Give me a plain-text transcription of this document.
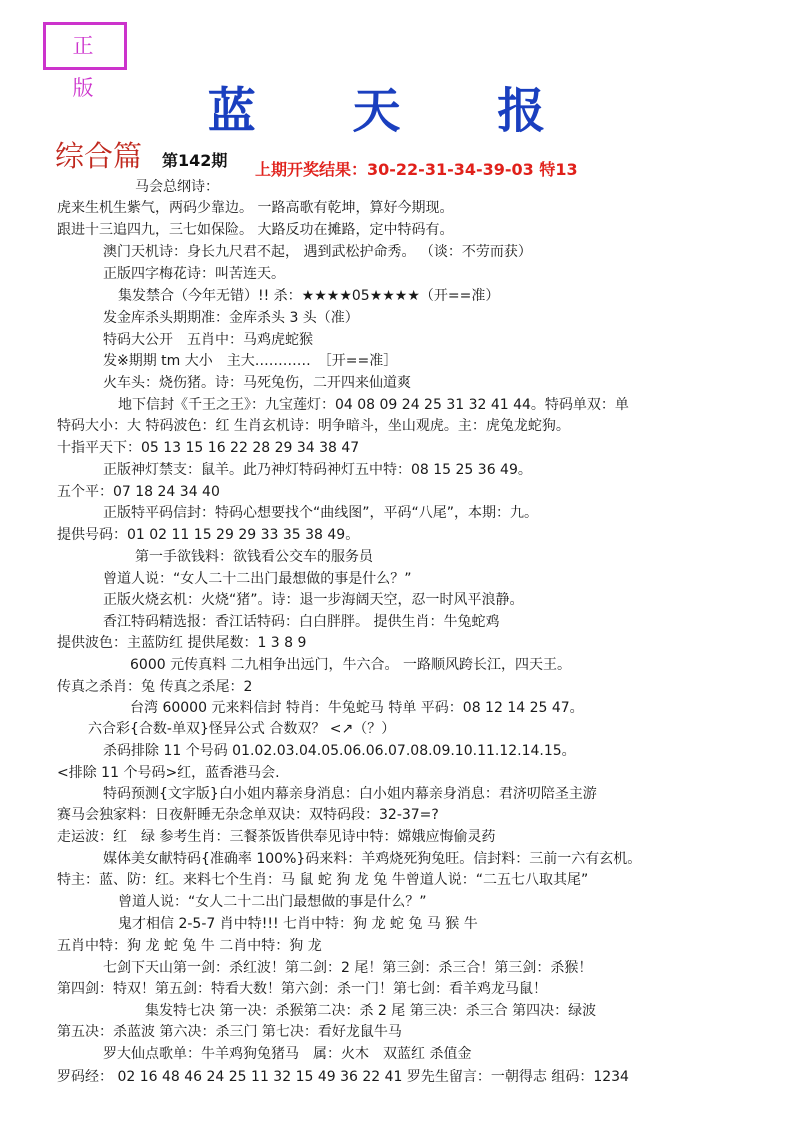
正 版	蓝 天 报
综合篇 第142期 上期开奖结果：30-22-31-34-39-03 特13
马会总纲诗：
虎来生机生紫气，两码少靠边。 一路高歌有乾坤，算好今期现。
跟进十三追四九，三七如保险。 大路反功在摊路，定中特码有。
澳门天机诗：身长九尺君不起， 遇到武松护命秀。 （谈：不劳而获）
正版四字梅花诗：叫苦连天。
集发禁合（今年无错）!! 杀：★★★★05★★★★（开==准）
发金库杀头期期准：金库杀头 3 头（准）
特码大公开　五肖中：马鸡虎蛇猴
发※期期 tm 大小　主大…………　［开==准］
火车头：烧伤猪。诗：马死兔伤，二开四来仙道爽
地下信封《千王之王》：九宝莲灯：04 08 09 24 25 31 32 41 44。特码单双：单
特码大小：大 特码波色：红 生肖玄机诗：明争暗斗，坐山观虎。主：虎兔龙蛇狗。
十指平天下：05 13 15 16 22 28 29 34 38 47
正版神灯禁支：鼠羊。此乃神灯特码神灯五中特：08 15 25 36 49。
五个平：07 18 24 34 40
正版特平码信封：特码心想要找个“曲线图”，平码“八尾”，本期：九。
提供号码：01 02 11 15 29 29 33 35 38 49。
第一手欲钱料：欲钱看公交车的服务员
曾道人说：“女人二十二出门最想做的事是什么？”
正版火烧玄机：火烧“猪”。诗：退一步海阔天空，忍一时风平浪静。
香江特码精选报：香江话特码：白白胖胖。 提供生肖：牛兔蛇鸡
提供波色：主蓝防红 提供尾数：1 3 8 9
6000 元传真料 二九相争出远门，牛六合。 一路顺风跨长江，四天王。
传真之杀肖：兔 传真之杀尾：2
台湾 60000 元来料信封 特肖：牛兔蛇马 特单 平码：08 12 14 25 47。
六合彩{合数-单双}怪异公式 合数双？ <↗（？）
杀码排除 11 个号码 01.02.03.04.05.06.06.07.08.09.10.11.12.14.15。
<排除 11 个号码>红，蓝香港马会.
特码预测{文字版}白小姐内幕亲身消息：白小姐内幕亲身消息：君济叨陪圣主游
赛马会独家料：日夜鼾睡无杂念单双诀：双特码段：32-37=?
走运波：红　绿 参考生肖：三餐茶饭皆供奉见诗中特：嫦娥应悔偷灵药
媒体美女献特码{准确率 100%}码来料：羊鸡烧死狗兔旺。信封料：三前一六有玄机。
特主：蓝、防：红。来料七个生肖：马 鼠 蛇 狗 龙 兔 牛曾道人说：“二五七八取其尾”
曾道人说：“女人二十二出门最想做的事是什么？”
鬼才相信 2-5-7 肖中特!!! 七肖中特：狗 龙 蛇 兔 马 猴 牛
五肖中特：狗 龙 蛇 兔 牛 二肖中特：狗 龙
七剑下天山第一剑：杀红波！第二剑：2 尾！第三剑：杀三合！第三剑：杀猴！
第四剑：特双！第五剑：特看大数！第六剑：杀一门！第七剑：看羊鸡龙马鼠！
集发特七决 第一决：杀猴第二决：杀 2 尾 第三决：杀三合 第四决：绿波
第五决：杀蓝波 第六决：杀三门 第七决：看好龙鼠牛马
罗大仙点歌单：牛羊鸡狗兔猪马　属：火木　双蓝红 杀值金
罗码经： 02 16 48 46 24 25 11 32 15 49 36 22 41 罗先生留言：一朝得志 组码：1234
